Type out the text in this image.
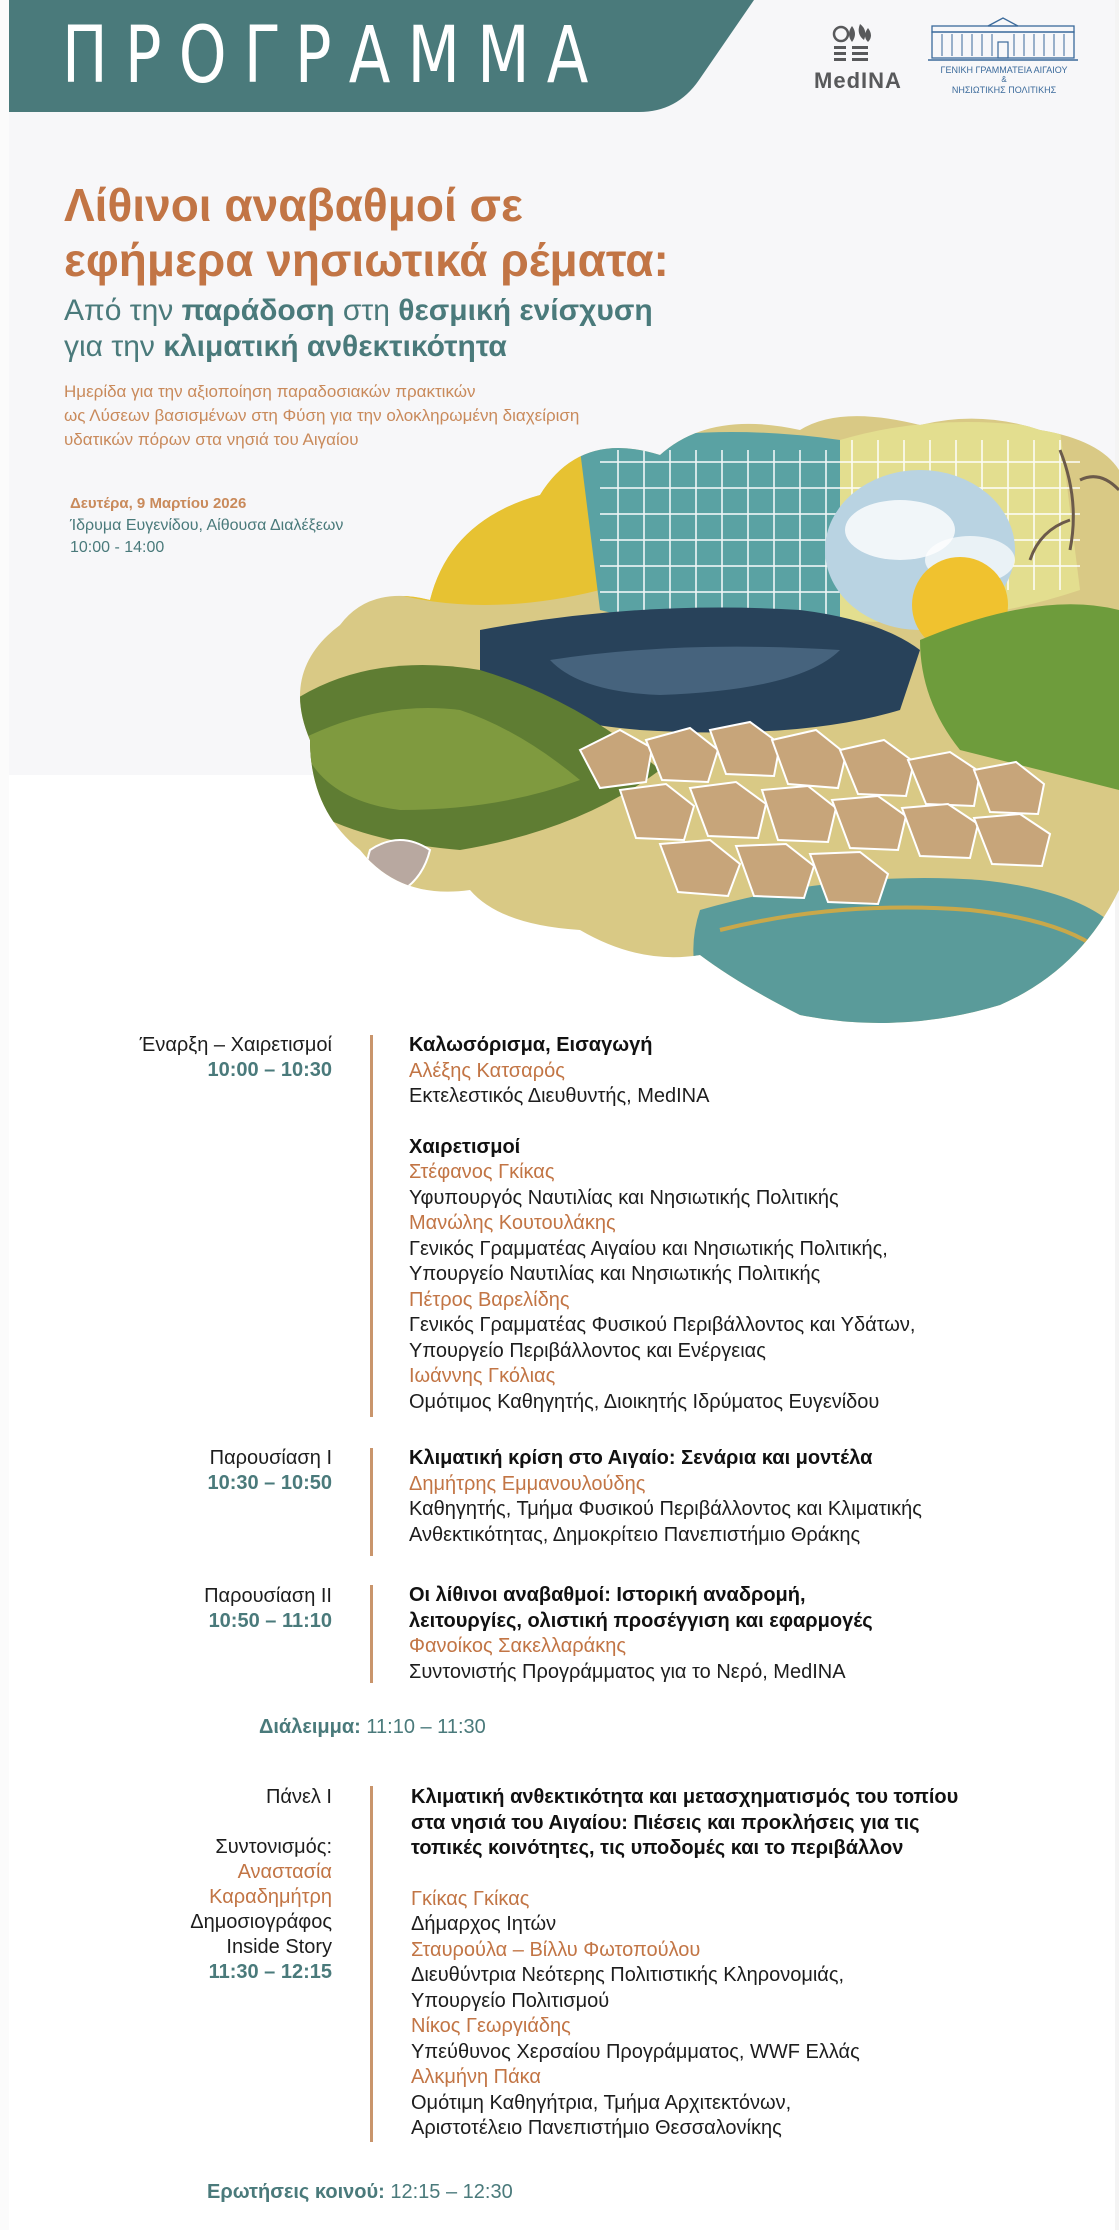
ΠΡΟΓΡΑΜΜΑ	MedINA	ΓΕΝΙΚΗ ΓΡΑΜΜΑΤΕΙΑ ΑΙΓΑΙΟΥ
&
ΝΗΣΙΩΤΙΚΗΣ ΠΟΛΙΤΙΚΗΣ
Λίθινοι αναβαθμοί σε
εφήμερα νησιωτικά ρέματα:
Από την παράδοση στη θεσμική ενίσχυση
για την κλιματική ανθεκτικότητα
Ημερίδα για την αξιοποίηση παραδοσιακών πρακτικών
ως Λύσεων βασισμένων στη Φύση για την ολοκληρωμένη διαχείριση
υδατικών πόρων στα νησιά του Αιγαίου
Δευτέρα, 9 Μαρτίου 2026
Ίδρυμα Ευγενίδου, Αίθουσα Διαλέξεων
10:00 - 14:00
Έναρξη – Χαιρετισμοί
10:00 – 10:30
Καλωσόρισμα, Εισαγωγή
Αλέξης Κατσαρός
Εκτελεστικός Διευθυντής, MedINA
Χαιρετισμοί
Στέφανος Γκίκας
Υφυπουργός Ναυτιλίας και Νησιωτικής Πολιτικής
Μανώλης Κουτουλάκης
Γενικός Γραμματέας Αιγαίου και Νησιωτικής Πολιτικής,
Υπουργείο Ναυτιλίας και Νησιωτικής Πολιτικής
Πέτρος Βαρελίδης
Γενικός Γραμματέας Φυσικού Περιβάλλοντος και Υδάτων,
Υπουργείο Περιβάλλοντος και Ενέργειας
Ιωάννης Γκόλιας
Ομότιμος Καθηγητής, Διοικητής Ιδρύματος Ευγενίδου
Παρουσίαση Ι
10:30 – 10:50
Κλιματική κρίση στο Αιγαίο: Σενάρια και μοντέλα
Δημήτρης Εμμανουλούδης
Καθηγητής, Τμήμα Φυσικού Περιβάλλοντος και Κλιματικής
Ανθεκτικότητας, Δημοκρίτειο Πανεπιστήμιο Θράκης
Παρουσίαση ΙΙ
10:50 – 11:10
Οι λίθινοι αναβαθμοί: Ιστορική αναδρομή,
λειτουργίες, ολιστική προσέγγιση και εφαρμογές
Φανοίκος Σακελλαράκης
Συντονιστής Προγράμματος για το Νερό, MedINA
Διάλειμμα: 11:10 – 11:30
Πάνελ Ι
Συντονισμός:
Αναστασία
Καραδημήτρη
Δημοσιογράφος
Inside Story
11:30 – 12:15
Κλιματική ανθεκτικότητα και μετασχηματισμός του τοπίου
στα νησιά του Αιγαίου: Πιέσεις και προκλήσεις για τις
τοπικές κοινότητες, τις υποδομές και το περιβάλλον
Γκίκας Γκίκας
Δήμαρχος Ιητών
Σταυρούλα – Βίλλυ Φωτοπούλου
Διευθύντρια Νεότερης Πολιτιστικής Κληρονομιάς,
Υπουργείο Πολιτισμού
Νίκος Γεωργιάδης
Υπεύθυνος Χερσαίου Προγράμματος, WWF Ελλάς
Αλκμήνη Πάκα
Ομότιμη Καθηγήτρια, Τμήμα Αρχιτεκτόνων,
Αριστοτέλειο Πανεπιστήμιο Θεσσαλονίκης
Ερωτήσεις κοινού: 12:15 – 12:30
